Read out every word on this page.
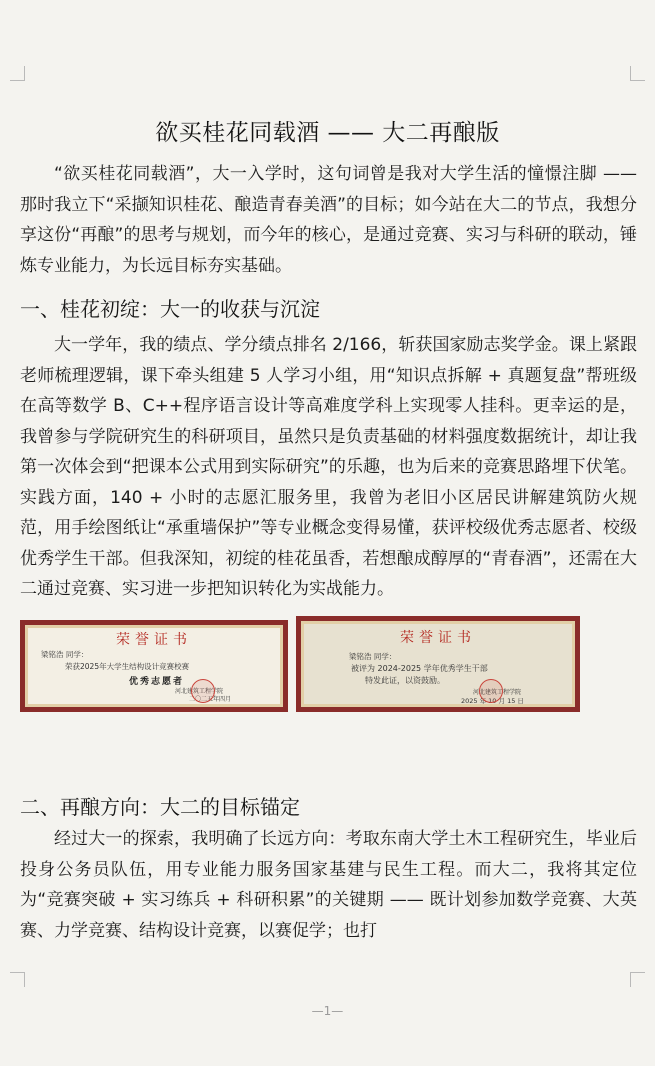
欲买桂花同载酒 —— 大二再酿版

“欲买桂花同载酒”，大一入学时，这句词曾是我对大学生活的憧憬注脚 —— 那时我立下“采撷知识桂花、酿造青春美酒”的目标；如今站在大二的节点，我想分享这份“再酿”的思考与规划，而今年的核心，是通过竞赛、实习与科研的联动，锤炼专业能力，为长远目标夯实基础。

一、桂花初绽：大一的收获与沉淀

大一学年，我的绩点、学分绩点排名 2/166，斩获国家励志奖学金。课上紧跟老师梳理逻辑，课下牵头组建 5 人学习小组，用“知识点拆解 + 真题复盘”帮班级在高等数学 B、C++程序语言设计等高难度学科上实现零人挂科。更幸运的是，我曾参与学院研究生的科研项目，虽然只是负责基础的材料强度数据统计，却让我第一次体会到“把课本公式用到实际研究”的乐趣，也为后来的竞赛思路埋下伏笔。实践方面，140 + 小时的志愿汇服务里，我曾为老旧小区居民讲解建筑防火规范，用手绘图纸让“承重墙保护”等专业概念变得易懂，获评校级优秀志愿者、校级优秀学生干部。但我深知，初绽的桂花虽香，若想酿成醇厚的“青春酒”，还需在大二通过竞赛、实习进一步把知识转化为实战能力。

荣誉证书
梁铭浩 同学：
荣获2025年大学生结构设计竞赛校赛
优秀志愿者
河北建筑工程学院
二〇二五年四月
荣誉证书
梁铭浩 同学：
被评为 2024-2025 学年优秀学生干部
特发此证，以资鼓励。
河北建筑工程学院
2025 年 10 月 15 日
二、再酿方向：大二的目标锚定

经过大一的探索，我明确了长远方向：考取东南大学土木工程研究生，毕业后投身公务员队伍，用专业能力服务国家基建与民生工程。而大二，我将其定位为“竞赛突破 + 实习练兵 + 科研积累”的关键期 —— 既计划参加数学竞赛、大英赛、力学竞赛、结构设计竞赛，以赛促学；也打

—1—
